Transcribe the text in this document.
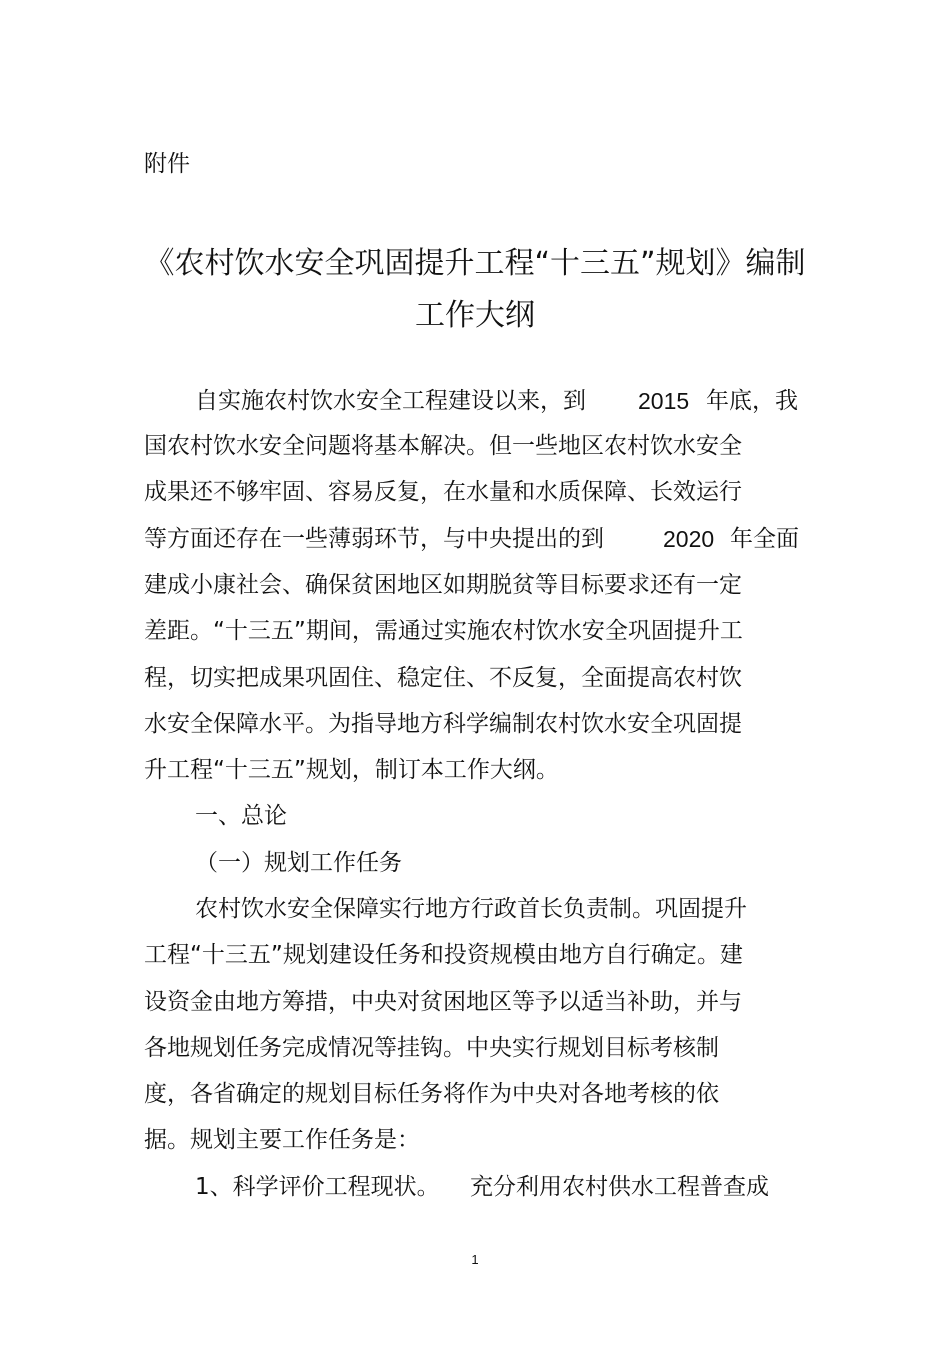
附件
《农村饮水安全巩固提升工程“十三五”规划》编制
工作大纲
自实施农村饮水安全工程建设以来，到 2015 年底，我
国农村饮水安全问题将基本解决。但一些地区农村饮水安全
成果还不够牢固、容易反复，在水量和水质保障、长效运行
等方面还存在一些薄弱环节，与中央提出的到	2020 年全面
建成小康社会、确保贫困地区如期脱贫等目标要求还有一定
差距。“十三五”期间，需通过实施农村饮水安全巩固提升工
程，切实把成果巩固住、稳定住、不反复，全面提高农村饮
水安全保障水平。为指导地方科学编制农村饮水安全巩固提
升工程“十三五”规划，制订本工作大纲。
一、总论
（一）规划工作任务
农村饮水安全保障实行地方行政首长负责制。巩固提升
工程“十三五”规划建设任务和投资规模由地方自行确定。建
设资金由地方筹措，中央对贫困地区等予以适当补助，并与
各地规划任务完成情况等挂钩。中央实行规划目标考核制
度，各省确定的规划目标任务将作为中央对各地考核的依
据。规划主要工作任务是：
1、科学评价工程现状。 充分利用农村供水工程普查成
1
